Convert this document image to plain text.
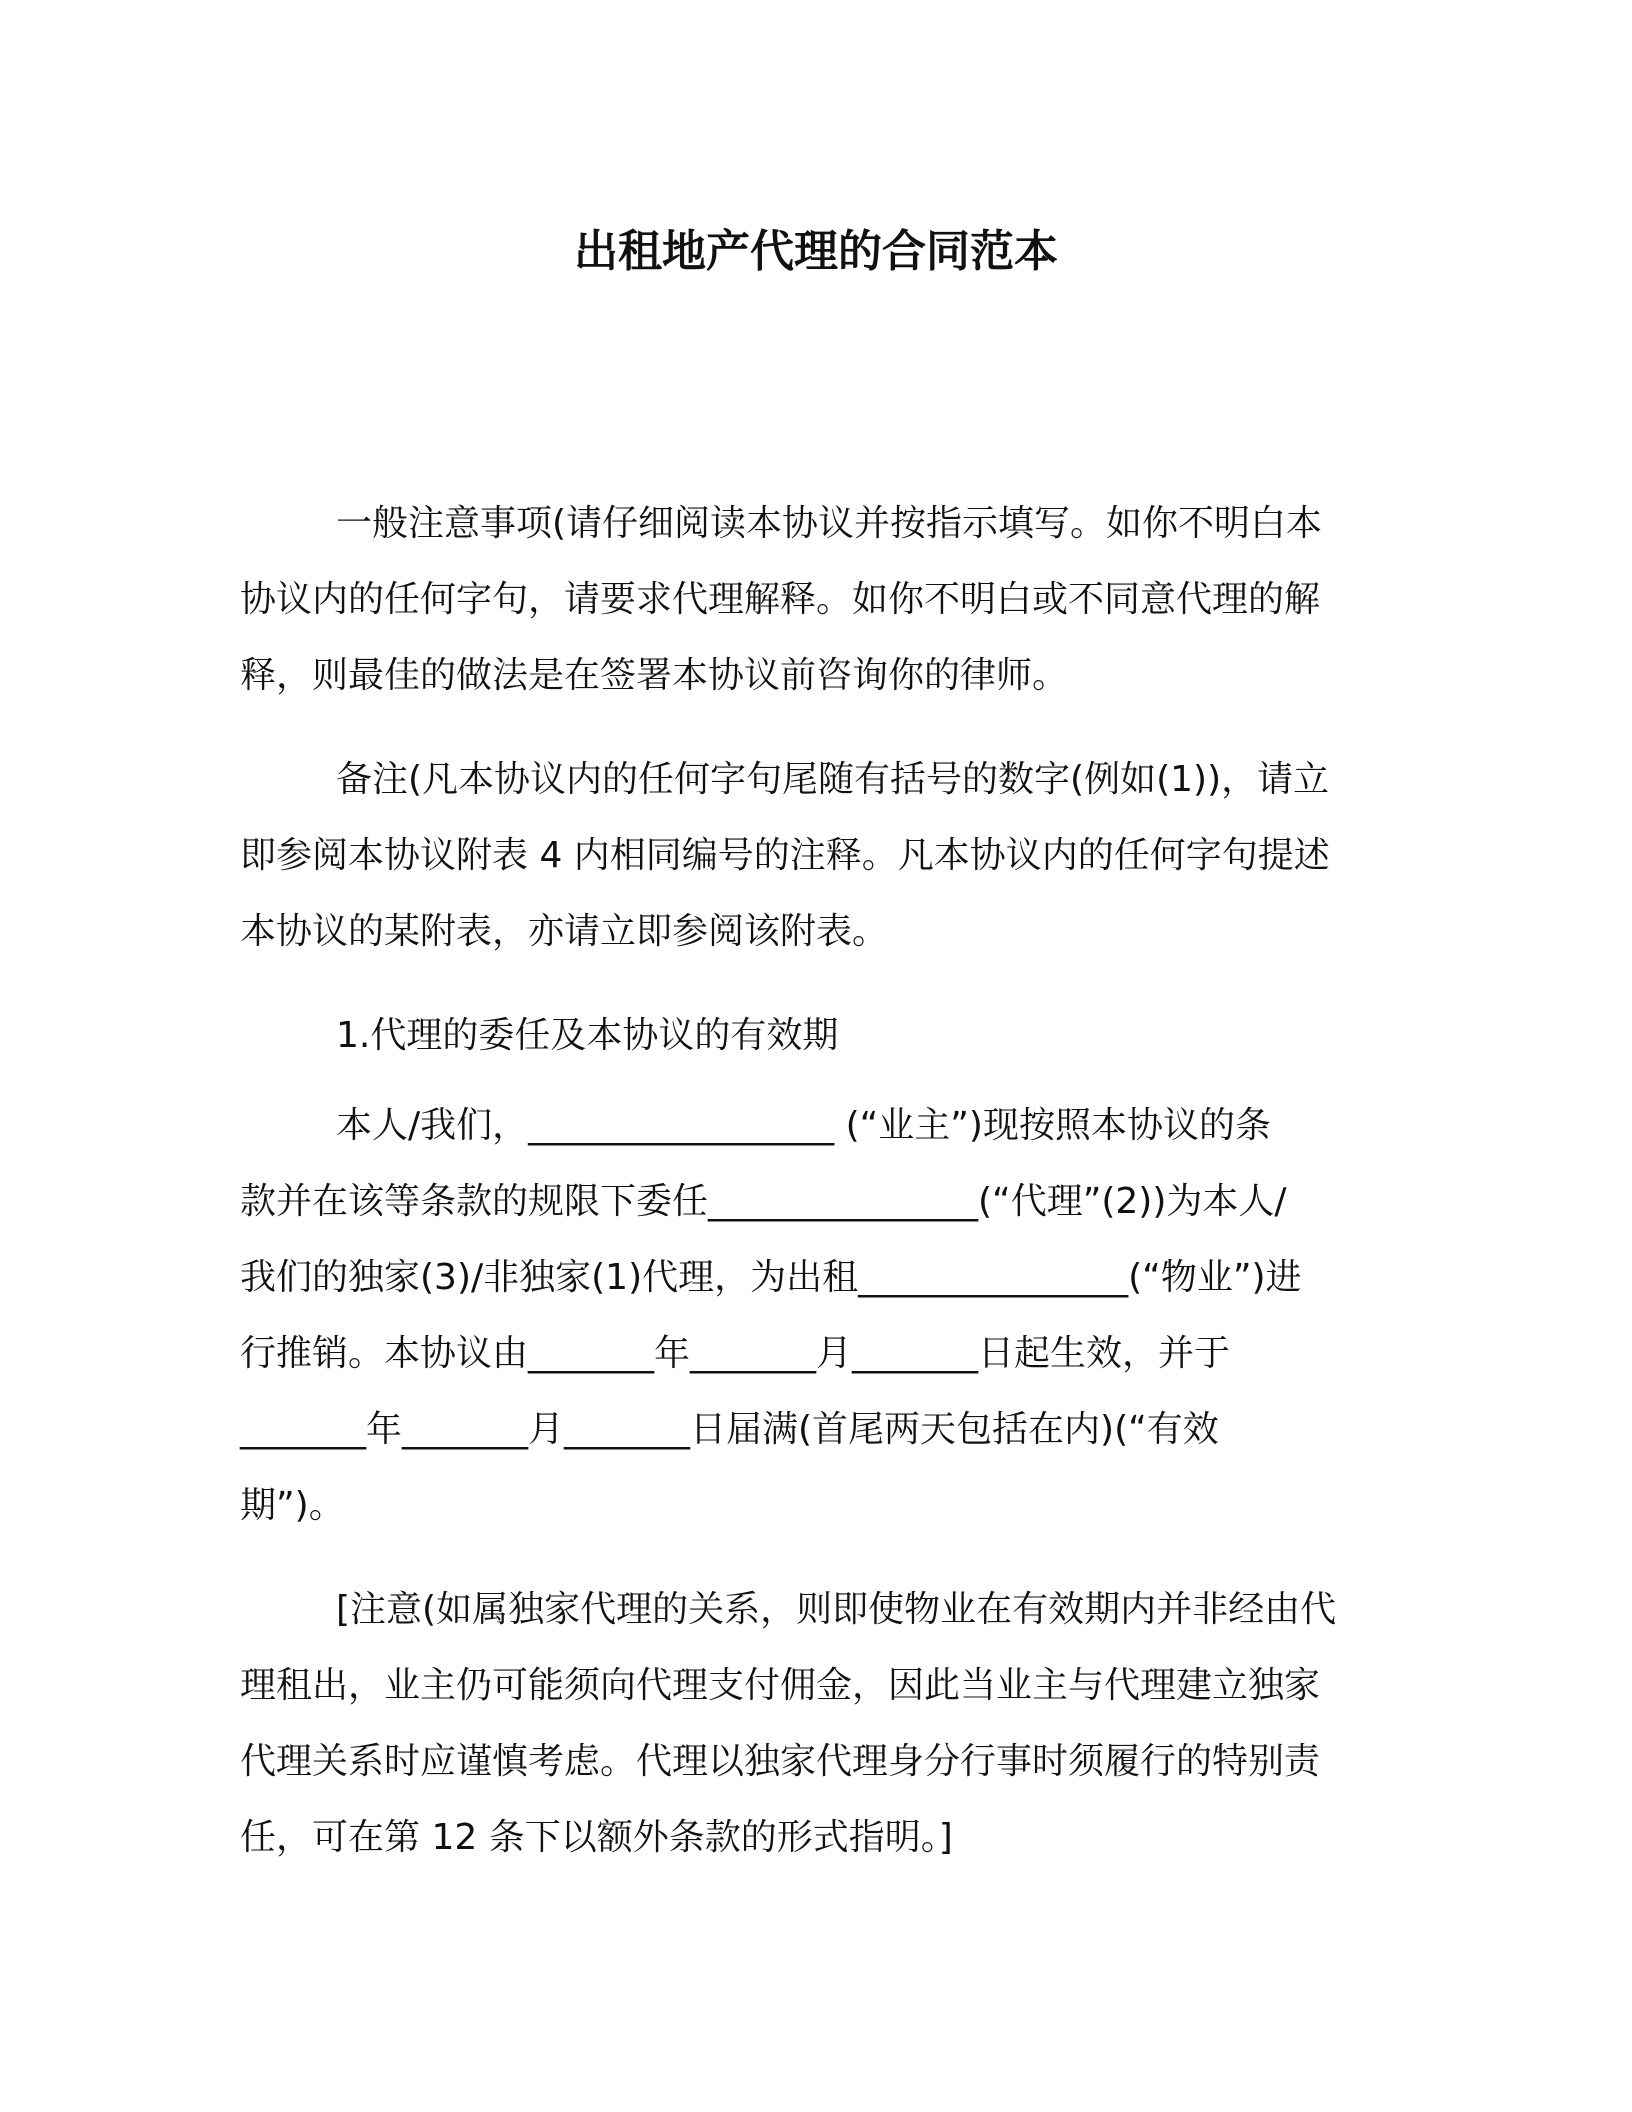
出租地产代理的合同范本

一般注意事项(请仔细阅读本协议并按指示填写。如你不明白本
协议内的任何字句，请要求代理解释。如你不明白或不同意代理的解
释，则最佳的做法是在签署本协议前咨询你的律师。

备注(凡本协议内的任何字句尾随有括号的数字(例如(1))，请立
即参阅本协议附表 4 内相同编号的注释。凡本协议内的任何字句提述
本协议的某附表，亦请立即参阅该附表。

1.代理的委任及本协议的有效期

本人/我们，_________________ (“业主”)现按照本协议的条
款并在该等条款的规限下委任_______________(“代理”(2))为本人/
我们的独家(3)/非独家(1)代理，为出租_______________(“物业”)进
行推销。本协议由_______年_______月_______日起生效，并于
_______年_______月_______日届满(首尾两天包括在内)(“有效
期”)。

[注意(如属独家代理的关系，则即使物业在有效期内并非经由代
理租出，业主仍可能须向代理支付佣金，因此当业主与代理建立独家
代理关系时应谨慎考虑。代理以独家代理身分行事时须履行的特别责
任，可在第 12 条下以额外条款的形式指明。]
